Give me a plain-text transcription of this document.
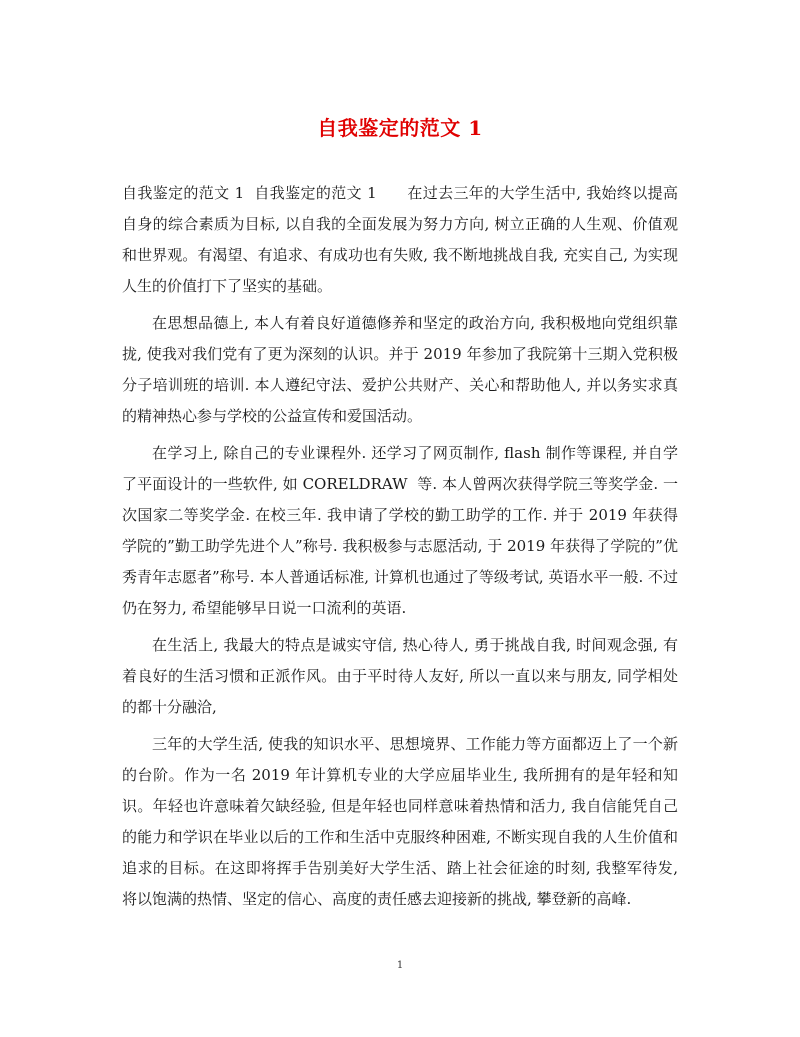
自我鉴定的范文 1

自我鉴定的范文 1  自我鉴定的范文 1      在过去三年的大学生活中, 我始终以提高自身的综合素质为目标, 以自我的全面发展为努力方向, 树立正确的人生观、价值观和世界观。有渴望、有追求、有成功也有失败, 我不断地挑战自我, 充实自己, 为实现人生的价值打下了坚实的基础。

在思想品德上, 本人有着良好道德修养和坚定的政治方向, 我积极地向党组织靠拢, 使我对我们党有了更为深刻的认识。并于 2019 年参加了我院第十三期入党积极分子培训班的培训. 本人遵纪守法、爱护公共财产、关心和帮助他人, 并以务实求真的精神热心参与学校的公益宣传和爱国活动。

在学习上, 除自己的专业课程外. 还学习了网页制作, flash 制作等课程, 并自学了平面设计的一些软件, 如 CORELDRAW  等. 本人曾两次获得学院三等奖学金. 一次国家二等奖学金. 在校三年. 我申请了学校的勤工助学的工作. 并于 2019 年获得学院的”勤工助学先进个人”称号. 我积极参与志愿活动, 于 2019 年获得了学院的”优秀青年志愿者”称号. 本人普通话标准, 计算机也通过了等级考试, 英语水平一般. 不过仍在努力, 希望能够早日说一口流利的英语.

在生活上, 我最大的特点是诚实守信, 热心待人, 勇于挑战自我, 时间观念强, 有着良好的生活习惯和正派作风。由于平时待人友好, 所以一直以来与朋友, 同学相处的都十分融洽,

三年的大学生活, 使我的知识水平、思想境界、工作能力等方面都迈上了一个新的台阶。作为一名 2019 年计算机专业的大学应届毕业生, 我所拥有的是年轻和知识。年轻也许意味着欠缺经验, 但是年轻也同样意味着热情和活力, 我自信能凭自己的能力和学识在毕业以后的工作和生活中克服终种困难, 不断实现自我的人生价值和追求的目标。在这即将挥手告别美好大学生活、踏上社会征途的时刻, 我整军待发, 将以饱满的热情、坚定的信心、高度的责任感去迎接新的挑战, 攀登新的高峰.

1
